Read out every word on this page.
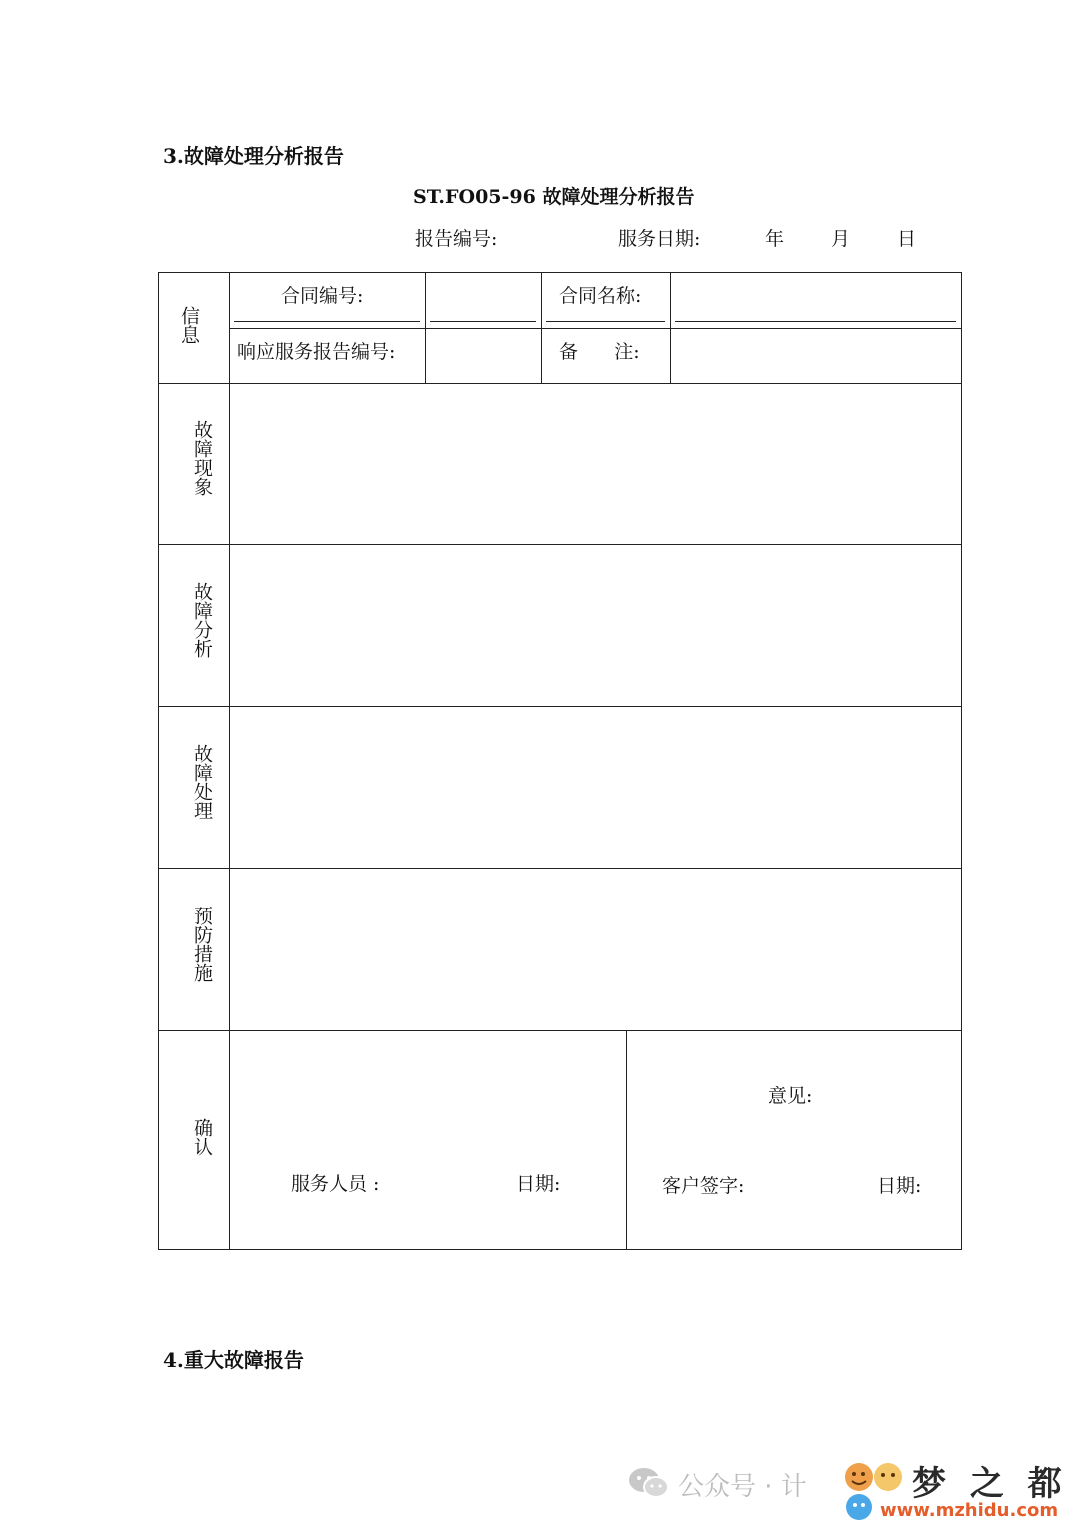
3.故障处理分析报告
ST.FO05-96 故障处理分析报告
报告编号:	服务日期:	年 月 日
信息
合同编号:	合同名称:
响应服务报告编号:	备      注:
故障现象
故障分析
故障处理
预防措施
确认
服务人员 :	日期:
意见:
客户签字:	日期:
4.重大故障报告
公众号 · 计	梦 之 都
www.mzhidu.com
